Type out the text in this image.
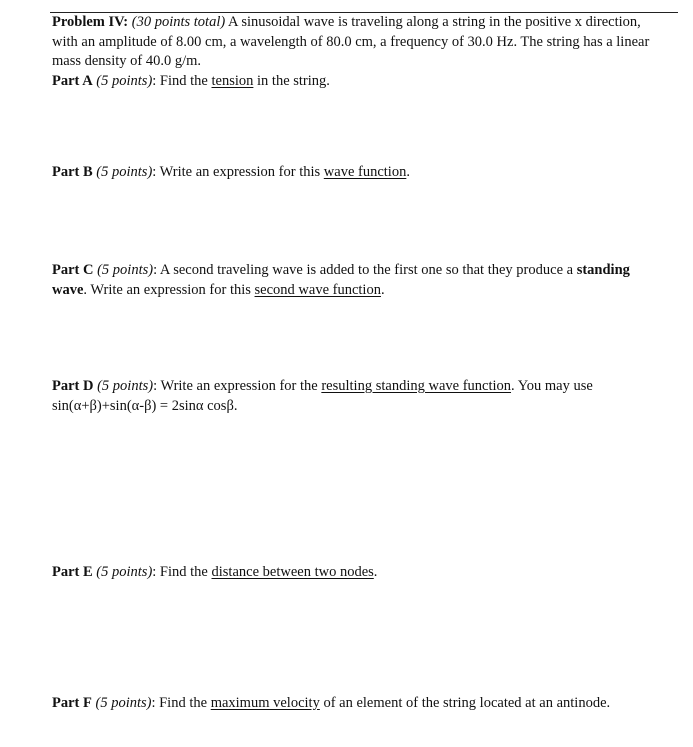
Problem IV: (30 points total) A sinusoidal wave is traveling along a string in the positive x direction, with an amplitude of 8.00 cm, a wavelength of 80.0 cm, a frequency of 30.0 Hz. The string has a linear mass density of 40.0 g/m.
Part A (5 points): Find the tension in the string.
Part B (5 points): Write an expression for this wave function.
Part C (5 points): A second traveling wave is added to the first one so that they produce a standing wave. Write an expression for this second wave function.
Part D (5 points): Write an expression for the resulting standing wave function. You may use
sin(α+β)+sin(α-β) = 2sinα cosβ.
Part E (5 points): Find the distance between two nodes.
Part F (5 points): Find the maximum velocity of an element of the string located at an antinode.
